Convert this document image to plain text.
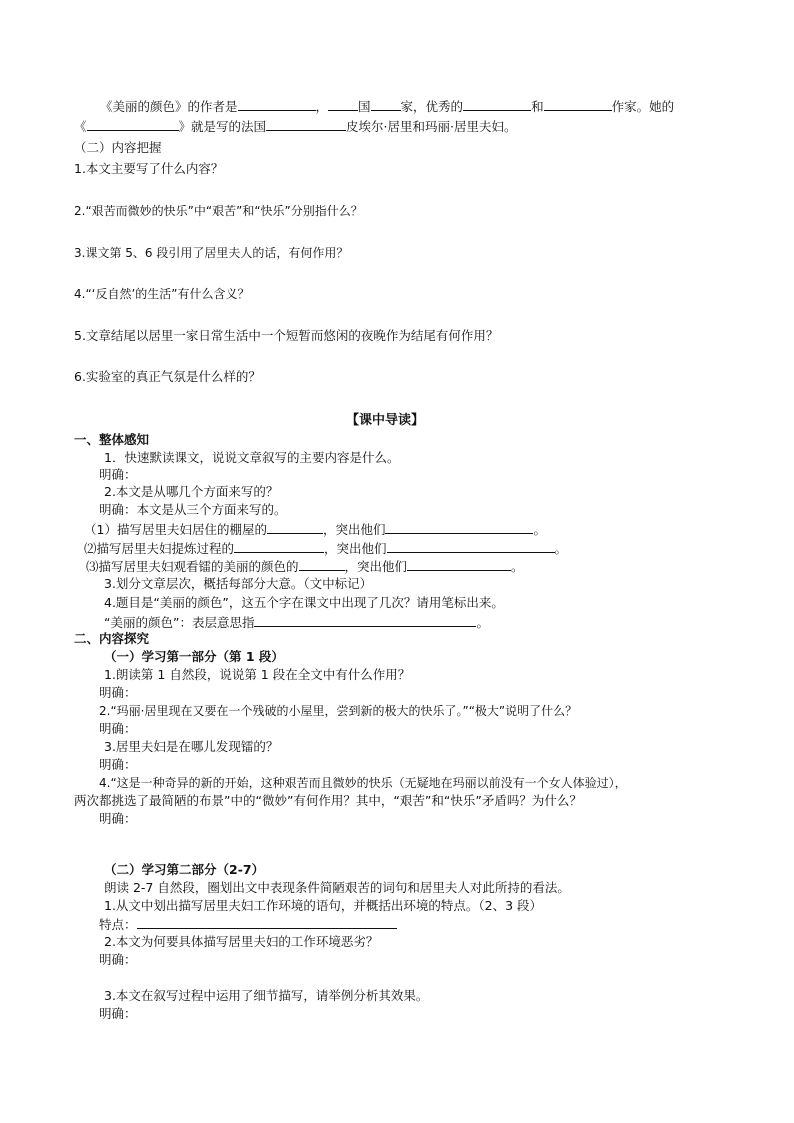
《美丽的颜色》的作者是	， 国 家，优秀的	和	作家。她的
《	》就是写的法国	皮埃尔·居里和玛丽·居里夫妇。
（二）内容把握
1.本文主要写了什么内容？
2.“艰苦而微妙的快乐”中“艰苦”和“快乐”分别指什么？
3.课文第 5、6 段引用了居里夫人的话，有何作用？
4.“‘反自然’的生活”有什么含义？
5.文章结尾以居里一家日常生活中一个短暂而悠闲的夜晚作为结尾有何作用？
6.实验室的真正气氛是什么样的？
【课中导读】
一、整体感知
1．快速默读课文，说说文章叙写的主要内容是什么。
明确：
2.本文是从哪几个方面来写的？
明确：本文是从三个方面来写的。
（1）描写居里夫妇居住的棚屋的	，突出他们	。
⑵描写居里夫妇提炼过程的	，突出他们	。
⑶描写居里夫妇观看镭的美丽的颜色的	，突出他们	。
3.划分文章层次，概括每部分大意。（文中标记）
4.题目是“美丽的颜色”，这五个字在课文中出现了几次？请用笔标出来。
“美丽的颜色”：表层意思指	。
二、内容探究
（一）学习第一部分（第 1 段）
1.朗读第 1 自然段，说说第 1 段在全文中有什么作用？
明确：
2.“玛丽·居里现在又要在一个残破的小屋里，尝到新的极大的快乐了。”“极大”说明了什么？
明确：
3.居里夫妇是在哪儿发现镭的？
明确：
4.“这是一种奇异的新的开始，这种艰苦而且微妙的快乐（无疑地在玛丽以前没有一个女人体验过），
两次都挑选了最简陋的布景”中的“微妙”有何作用？其中，“艰苦”和“快乐”矛盾吗？为什么？
明确：
（二）学习第二部分（2-7）
朗读 2-7 自然段，圈划出文中表现条件简陋艰苦的词句和居里夫人对此所持的看法。
1.从文中划出描写居里夫妇工作环境的语句，并概括出环境的特点。（2、3 段）
特点：
2.本文为何要具体描写居里夫妇的工作环境恶劣？
明确：
3.本文在叙写过程中运用了细节描写，请举例分析其效果。
明确：
